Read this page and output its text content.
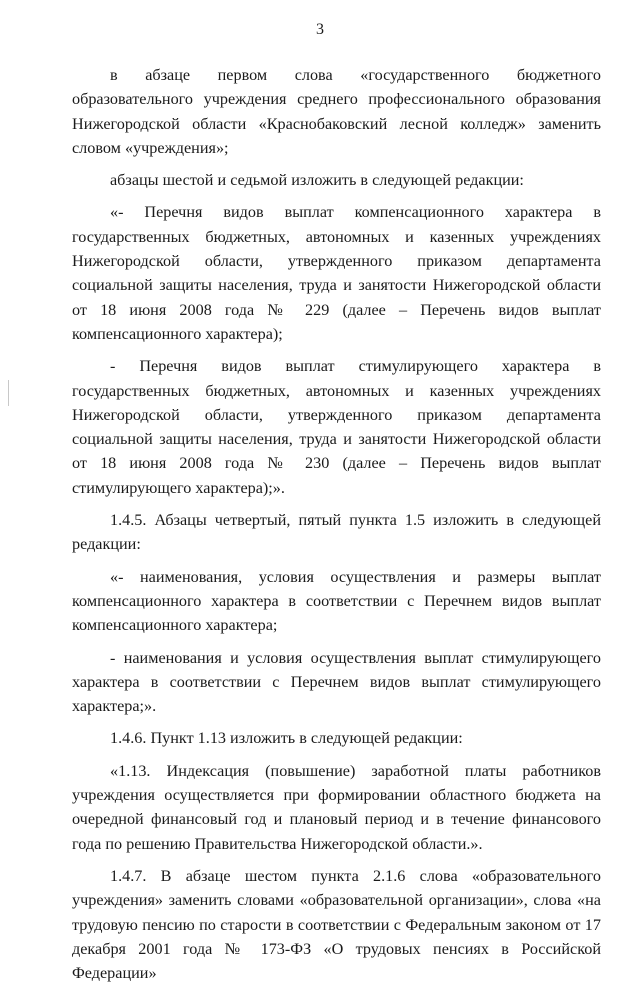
3

в абзаце первом слова «государственного бюджетного образовательного учреждения среднего профессионального образования Нижегородской области «Краснобаковский лесной колледж» заменить словом «учреждения»;

абзацы шестой и седьмой изложить в следующей редакции:

«- Перечня видов выплат компенсационного характера в государственных бюджетных, автономных и казенных учреждениях Нижегородской области, утвержденного приказом департамента социальной защиты населения, труда и занятости Нижегородской области от 18 июня 2008 года № 229 (далее – Перечень видов выплат компенсационного характера);

- Перечня видов выплат стимулирующего характера в государственных бюджетных, автономных и казенных учреждениях Нижегородской области, утвержденного приказом департамента социальной защиты населения, труда и занятости Нижегородской области от 18 июня 2008 года № 230 (далее – Перечень видов выплат стимулирующего характера);».

1.4.5. Абзацы четвертый, пятый пункта 1.5 изложить в следующей редакции:

«- наименования, условия осуществления и размеры выплат компенсационного характера в соответствии с Перечнем видов выплат компенсационного характера;

- наименования и условия осуществления выплат стимулирующего характера в соответствии с Перечнем видов выплат стимулирующего характера;».

1.4.6. Пункт 1.13 изложить в следующей редакции:

«1.13. Индексация (повышение) заработной платы работников учреждения осуществляется при формировании областного бюджета на очередной финансовый год и плановый период и в течение финансового года по решению Правительства Нижегородской области.».

1.4.7. В абзаце шестом пункта 2.1.6 слова «образовательного учреждения» заменить словами «образовательной организации», слова «на трудовую пенсию по старости в соответствии с Федеральным законом от 17 декабря 2001 года № 173-ФЗ «О трудовых пенсиях в Российской Федерации»
